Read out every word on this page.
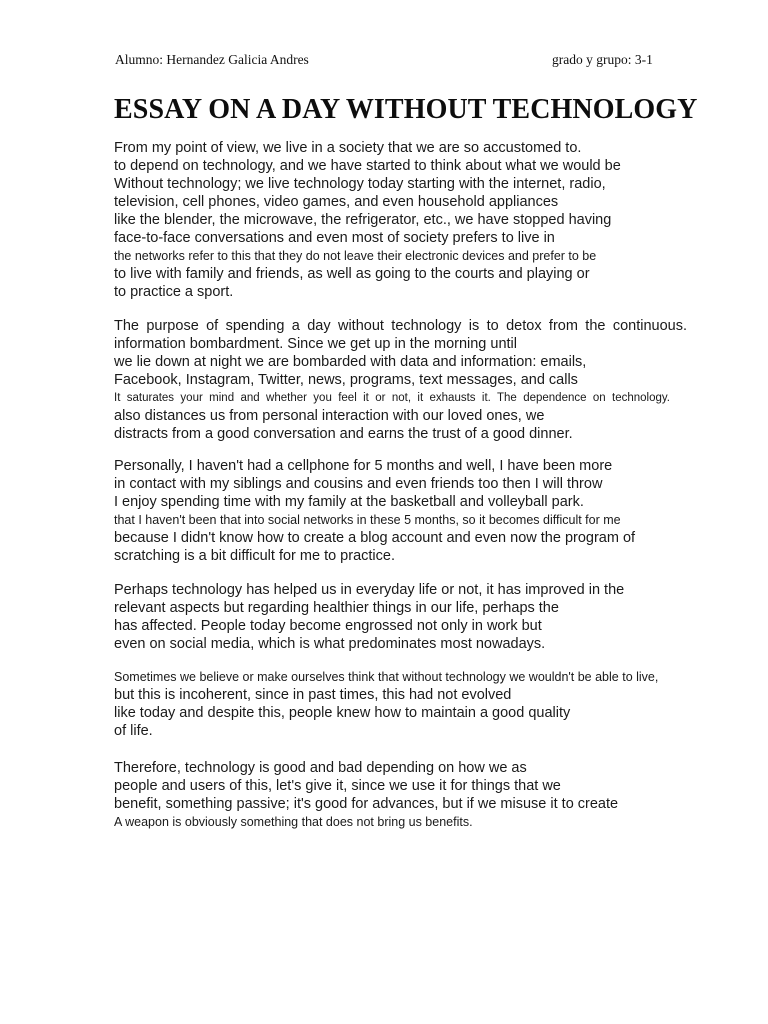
Alumno: Hernandez Galicia Andres	grado y grupo: 3-1
ESSAY ON A DAY WITHOUT TECHNOLOGY

From my point of view, we live in a society that we are so accustomed to.
to depend on technology, and we have started to think about what we would be
Without technology; we live technology today starting with the internet, radio,
television, cell phones, video games, and even household appliances
like the blender, the microwave, the refrigerator, etc., we have stopped having
face-to-face conversations and even most of society prefers to live in
the networks refer to this that they do not leave their electronic devices and prefer to be
to live with family and friends, as well as going to the courts and playing or
to practice a sport.

The purpose of spending a day without technology is to detox from the continuous.
information bombardment. Since we get up in the morning until
we lie down at night we are bombarded with data and information: emails,
Facebook, Instagram, Twitter, news, programs, text messages, and calls
It saturates your mind and whether you feel it or not, it exhausts it. The dependence on technology.
also distances us from personal interaction with our loved ones, we
distracts from a good conversation and earns the trust of a good dinner.

Personally, I haven't had a cellphone for 5 months and well, I have been more
in contact with my siblings and cousins and even friends too then I will throw
I enjoy spending time with my family at the basketball and volleyball park.
that I haven't been that into social networks in these 5 months, so it becomes difficult for me
because I didn't know how to create a blog account and even now the program of
scratching is a bit difficult for me to practice.

Perhaps technology has helped us in everyday life or not, it has improved in the
relevant aspects but regarding healthier things in our life, perhaps the
has affected. People today become engrossed not only in work but
even on social media, which is what predominates most nowadays.

Sometimes we believe or make ourselves think that without technology we wouldn't be able to live,
but this is incoherent, since in past times, this had not evolved
like today and despite this, people knew how to maintain a good quality
of life.

Therefore, technology is good and bad depending on how we as
people and users of this, let's give it, since we use it for things that we
benefit, something passive; it's good for advances, but if we misuse it to create
A weapon is obviously something that does not bring us benefits.
